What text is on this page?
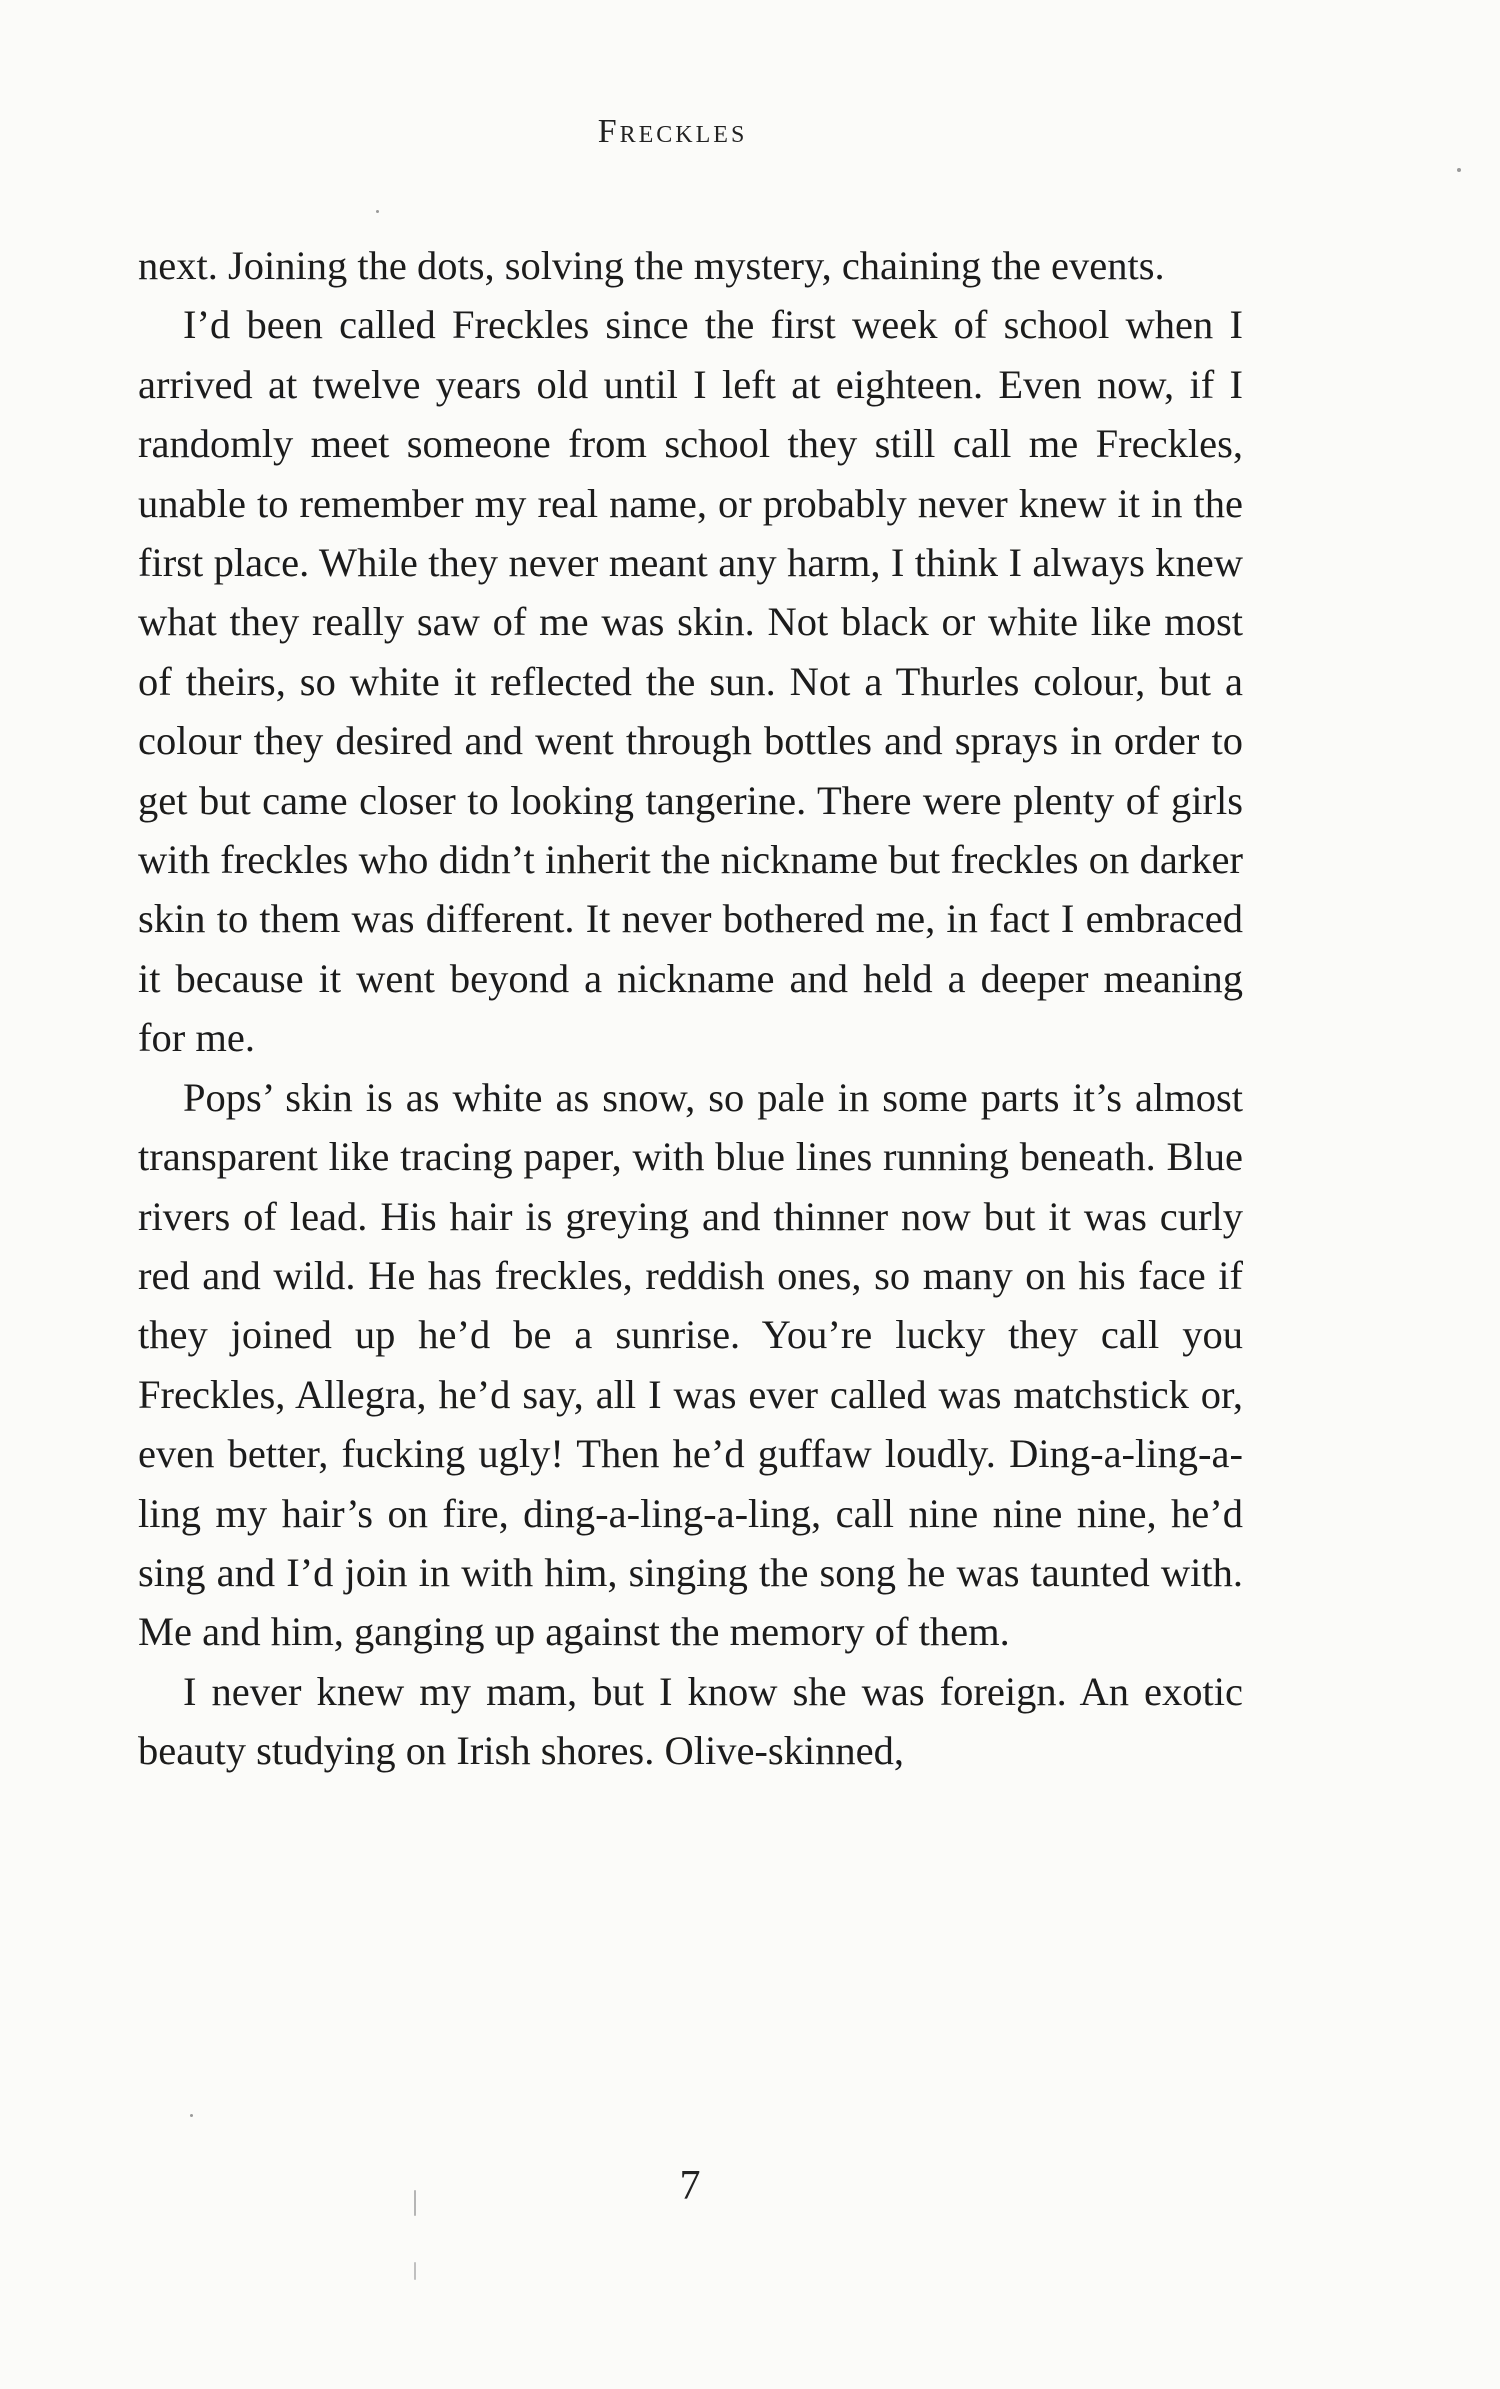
Freckles

next. Joining the dots, solving the mystery, chaining the events.

I’d been called Freckles since the first week of school when I arrived at twelve years old until I left at eighteen. Even now, if I randomly meet someone from school they still call me Freckles, unable to remember my real name, or probably never knew it in the first place. While they never meant any harm, I think I always knew what they really saw of me was skin. Not black or white like most of theirs, so white it reflected the sun. Not a Thurles colour, but a colour they desired and went through bottles and sprays in order to get but came closer to looking tangerine. There were plenty of girls with freckles who didn’t inherit the nickname but freckles on darker skin to them was different. It never bothered me, in fact I embraced it because it went beyond a nickname and held a deeper meaning for me.

Pops’ skin is as white as snow, so pale in some parts it’s almost transparent like tracing paper, with blue lines running beneath. Blue rivers of lead. His hair is greying and thinner now but it was curly red and wild. He has freckles, reddish ones, so many on his face if they joined up he’d be a sunrise. You’re lucky they call you Freckles, Allegra, he’d say, all I was ever called was matchstick or, even better, fucking ugly! Then he’d guffaw loudly. Ding-a-ling-a-ling my hair’s on fire, ding-a-ling-a-ling, call nine nine nine, he’d sing and I’d join in with him, singing the song he was taunted with. Me and him, ganging up against the memory of them.

I never knew my mam, but I know she was foreign. An exotic beauty studying on Irish shores. Olive-skinned,

7
